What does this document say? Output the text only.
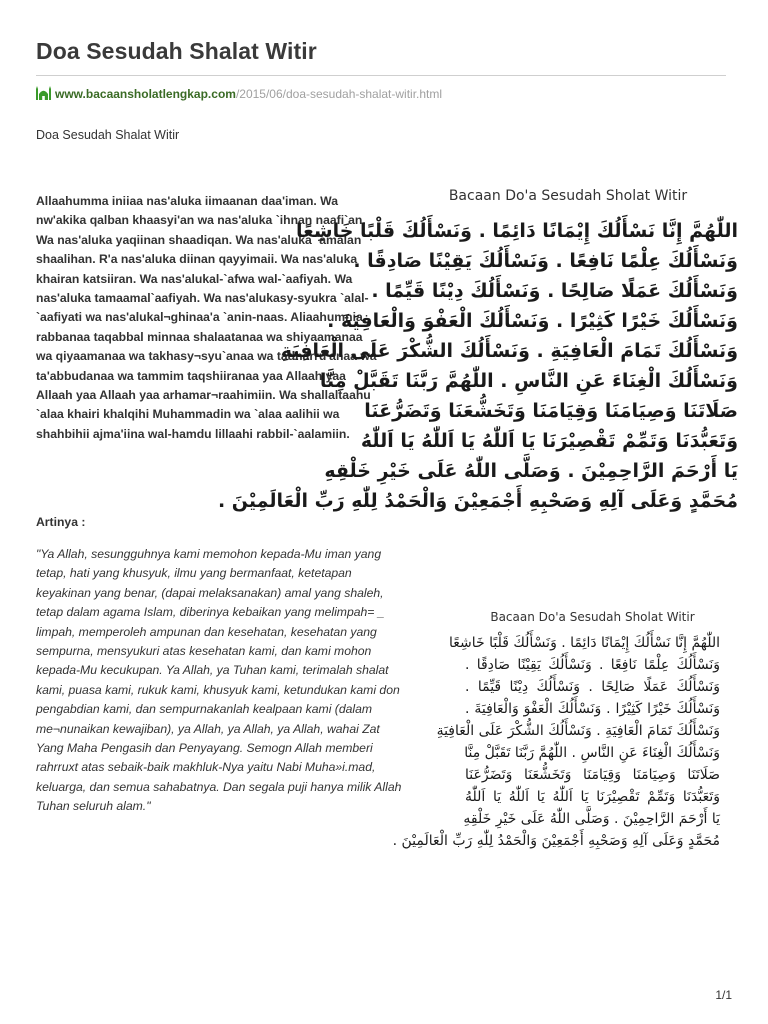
Doa Sesudah Shalat Witir
www.bacaansholatlengkap.com/2015/06/doa-sesudah-shalat-witir.html
Doa Sesudah Shalat Witir

Allaahumma iniiaa nas'aluka iimaanan daa'iman. Wa nw'akika qalban khaasyi'an wa nas'aluka `ihnan naafi`an. Wa nas'aluka yaqiinan shaadiqan. Wa nas'aluka `amalan shaalihan. R'a nas'aluka diinan qayyimaii. Wa nas'aluka khairan katsiiran. Wa nas'alukal-`afwa wal-`aafiyah. Wa nas'aluka tamaamal`aafiyah. Wa nas'alukasy-syukra `alal-`aafiyati wa nas'alukal¬ghinaa'a `anin-naas. Aliaahumnia rabbanaa taqabbal minnaa shalaatanaa wa shiyaamanaa wa qiyaamanaa wa takhasy¬syu`anaa wa tadharru'anaa wa ta'abbudanaa wa tammim taqshiiranaa yaa Allaah yaa Allaah yaa Allaah yaa arhamar¬raahimiin. Wa shallaltaahu `alaa khairi khalqihi Muhammadin wa `alaa aalihii wa shahbihii ajma'iina wal-hamdu lillaahi rabbil-`aalamiin.

Artinya :

"Ya Allah, sesungguhnya kami memohon kepada-Mu iman yang tetap, hati yang khusyuk, ilmu yang bermanfaat, ketetapan keyakinan yang benar, (dapai melaksanakan) amal yang shaleh, tetap dalam agama Islam, diberinya kebaikan yang melimpah= _ limpah, memperoleh ampunan dan kesehatan, kesehatan yang sempurna, mensyukuri atas kesehatan kami, dan kami mohon kepada-Mu kecukupan. Ya Allah, ya Tuhan kami, terimalah shalat kami, puasa kami, rukuk kami, khusyuk kami, ketundukan kami don pengabdian kami, dan sempurnakanlah kealpaan kami (dalam me¬nunaikan kewajiban), ya Allah, ya Allah, ya Allah, wahai Zat Yang Maha Pengasih dan Penyayang. Semogn Allah memberi rahrruxt atas sebaik-baik makhluk-Nya yaitu Nabi Muha»i.mad, keluarga, dan semua sahabatnya. Dan segala puji hanya milik Allah Tuhan seluruh alam."

Bacaan Do'a Sesudah Sholat Witir
اللّٰهُمَّ إِنَّا نَسْأَلُكَ إِيْمَانًا دَائِمًا . وَنَسْأَلُكَ قَلْبًا خَاشِعًا
وَنَسْأَلُكَ عِلْمًا نَافِعًا . وَنَسْأَلُكَ يَقِيْنًا صَادِقًا .
وَنَسْأَلُكَ عَمَلًا صَالِحًا . وَنَسْأَلُكَ دِيْنًا قَيِّمًا .
وَنَسْأَلُكَ خَيْرًا كَثِيْرًا . وَنَسْأَلُكَ الْعَفْوَ وَالْعَافِيَةَ .
وَنَسْأَلُكَ تَمَامَ الْعَافِيَةِ . وَنَسْأَلُكَ الشُّكْرَ عَلَى الْعَافِيَةِ
وَنَسْأَلُكَ الْغِنَاءَ عَنِ النَّاسِ . اللّٰهُمَّ رَبَّنَا تَقَبَّلْ مِنَّا
صَلَاتَنَا وَصِيَامَنَا وَقِيَامَنَا وَتَخَشُّعَنَا وَتَضَرُّعَنَا
وَتَعَبُّدَنَا وَتَمِّمْ تَقْصِيْرَنَا يَا اَللّٰهُ يَا اَللّٰهُ يَا اَللّٰهُ
يَا أَرْحَمَ الرَّاحِمِيْنَ . وَصَلَّى اللّٰهُ عَلَى خَيْرِ خَلْقِهِ
مُحَمَّدٍ وَعَلَى آلِهِ وَصَحْبِهِ أَجْمَعِيْنَ وَالْحَمْدُ لِلّٰهِ رَبِّ الْعَالَمِيْنَ .
Bacaan Do'a Sesudah Sholat Witir
اللّٰهُمَّ إِنَّا نَسْأَلُكَ إِيْمَانًا دَائِمًا . وَنَسْأَلُكَ قَلْبًا خَاشِعًا
وَنَسْأَلُكَ عِلْمًا نَافِعًا . وَنَسْأَلُكَ يَقِيْنًا صَادِقًا .
وَنَسْأَلُكَ عَمَلًا صَالِحًا . وَنَسْأَلُكَ دِيْنًا قَيِّمًا .
وَنَسْأَلُكَ خَيْرًا كَثِيْرًا . وَنَسْأَلُكَ الْعَفْوَ وَالْعَافِيَةَ .
وَنَسْأَلُكَ تَمَامَ الْعَافِيَةِ . وَنَسْأَلُكَ الشُّكْرَ عَلَى الْعَافِيَةِ
وَنَسْأَلُكَ الْغِنَاءَ عَنِ النَّاسِ . اللّٰهُمَّ رَبَّنَا تَقَبَّلْ مِنَّا
صَلَاتَنَا وَصِيَامَنَا وَقِيَامَنَا وَتَخَشُّعَنَا وَتَضَرُّعَنَا
وَتَعَبُّدَنَا وَتَمِّمْ تَقْصِيْرَنَا يَا اَللّٰهُ يَا اَللّٰهُ يَا اَللّٰهُ
يَا أَرْحَمَ الرَّاحِمِيْنَ . وَصَلَّى اللّٰهُ عَلَى خَيْرِ خَلْقِهِ
مُحَمَّدٍ وَعَلَى آلِهِ وَصَحْبِهِ أَجْمَعِيْنَ وَالْحَمْدُ لِلّٰهِ رَبِّ الْعَالَمِيْنَ .
1/1
